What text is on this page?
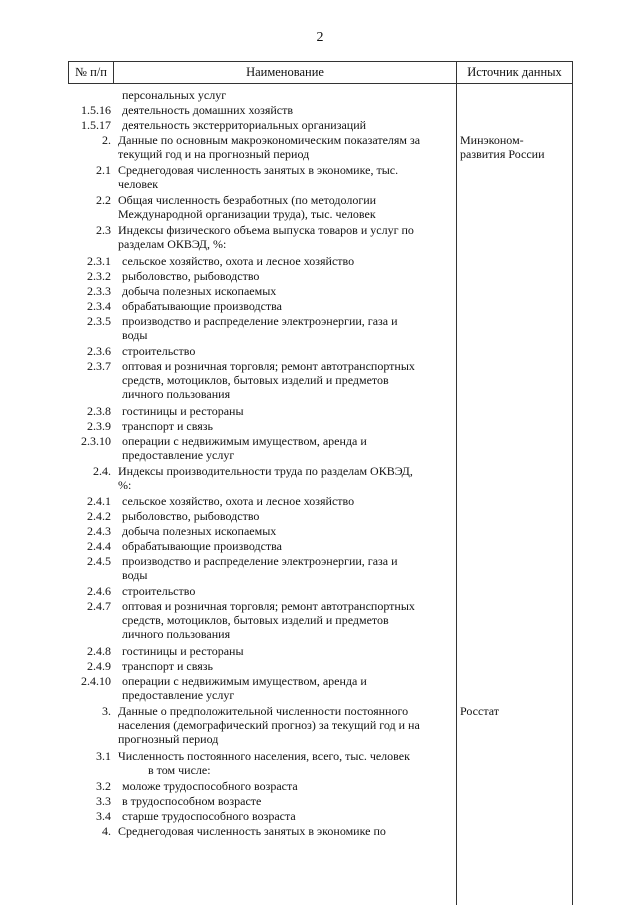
2
№ п/п	Наименование	Источник данных
персональных услуг
1.5.16 деятельность домашних хозяйств
1.5.17 деятельность экстерриториальных организаций
2. Данные по основным макроэкономическим показателям за
текущий год и на прогнозный период
Минэконом-
развития России
2.1 Среднегодовая численность занятых в экономике, тыс.
человек
2.2 Общая численность безработных (по методологии
Международной организации труда), тыс. человек
2.3 Индексы физического объема выпуска товаров и услуг по
разделам ОКВЭД, %:
2.3.1 сельское хозяйство, охота и лесное хозяйство
2.3.2 рыболовство, рыбоводство
2.3.3 добыча полезных ископаемых
2.3.4 обрабатывающие производства
2.3.5 производство и распределение электроэнергии, газа и
воды
2.3.6 строительство
2.3.7 оптовая и розничная торговля; ремонт автотранспортных
средств, мотоциклов, бытовых изделий и предметов
личного пользования
2.3.8 гостиницы и рестораны
2.3.9 транспорт и связь
2.3.10 операции с недвижимым имуществом, аренда и
предоставление услуг
2.4. Индексы производительности труда по разделам ОКВЭД,
%:
2.4.1 сельское хозяйство, охота и лесное хозяйство
2.4.2 рыболовство, рыбоводство
2.4.3 добыча полезных ископаемых
2.4.4 обрабатывающие производства
2.4.5 производство и распределение электроэнергии, газа и
воды
2.4.6 строительство
2.4.7 оптовая и розничная торговля; ремонт автотранспортных
средств, мотоциклов, бытовых изделий и предметов
личного пользования
2.4.8 гостиницы и рестораны
2.4.9 транспорт и связь
2.4.10 операции с недвижимым имуществом, аренда и
предоставление услуг
3. Данные о предположительной численности постоянного
населения (демографический прогноз) за текущий год и на
прогнозный период
Росстат
3.1 Численность постоянного населения, всего, тыс. человек
в том числе:
3.2 моложе трудоспособного возраста
3.3 в трудоспособном возрасте
3.4 старше трудоспособного возраста
4. Среднегодовая численность занятых в экономике по
